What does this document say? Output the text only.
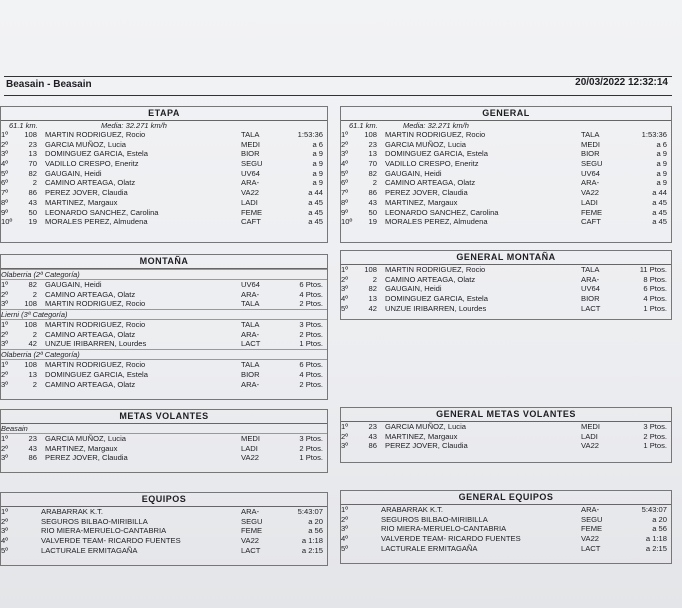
Beasain - Beasain	20/03/2022 12:32:14
ETAPA
61.1 km.	Media: 32.271 km/h
1º	108 MARTIN RODRIGUEZ, Rocio	TALA	1:53:36
2º	23 GARCIA MUÑOZ, Lucia	MEDI	a 6
3º	13 DOMINGUEZ GARCIA, Estela	BIOR	a 9
4º	70 VADILLO CRESPO, Eneritz	SEGU	a 9
5º	82 GAUGAIN, Heidi	UV64	a 9
6º	2 CAMINO ARTEAGA, Olatz	ARA-	a 9
7º	86 PEREZ JOVER, Claudia	VA22	a 44
8º	43 MARTINEZ, Margaux	LADI	a 45
9º	50 LEONARDO SANCHEZ, Carolina	FEME	a 45
10º	19 MORALES PEREZ, Almudena	CAFT	a 45
GENERAL
61.1 km.	Media: 32.271 km/h
1º	108 MARTIN RODRIGUEZ, Rocio	TALA	1:53:36
2º	23 GARCIA MUÑOZ, Lucia	MEDI	a 6
3º	13 DOMINGUEZ GARCIA, Estela	BIOR	a 9
4º	70 VADILLO CRESPO, Eneritz	SEGU	a 9
5º	82 GAUGAIN, Heidi	UV64	a 9
6º	2 CAMINO ARTEAGA, Olatz	ARA-	a 9
7º	86 PEREZ JOVER, Claudia	VA22	a 44
8º	43 MARTINEZ, Margaux	LADI	a 45
9º	50 LEONARDO SANCHEZ, Carolina	FEME	a 45
10º	19 MORALES PEREZ, Almudena	CAFT	a 45
MONTAÑA
Olaberria (2ª Categoría)
1º	82 GAUGAIN, Heidi	UV64	6 Ptos.
2º	2 CAMINO ARTEAGA, Olatz	ARA-	4 Ptos.
3º	108 MARTIN RODRIGUEZ, Rocio	TALA	2 Ptos.
Lierni (3ª Categoría)
1º	108 MARTIN RODRIGUEZ, Rocio	TALA	3 Ptos.
2º	2 CAMINO ARTEAGA, Olatz	ARA-	2 Ptos.
3º	42 UNZUE IRIBARREN, Lourdes	LACT	1 Ptos.
Olaberria (2ª Categoría)
1º	108 MARTIN RODRIGUEZ, Rocio	TALA	6 Ptos.
2º	13 DOMINGUEZ GARCIA, Estela	BIOR	4 Ptos.
3º	2 CAMINO ARTEAGA, Olatz	ARA-	2 Ptos.
GENERAL MONTAÑA
1º	108 MARTIN RODRIGUEZ, Rocio	TALA	11 Ptos.
2º	2 CAMINO ARTEAGA, Olatz	ARA-	8 Ptos.
3º	82 GAUGAIN, Heidi	UV64	6 Ptos.
4º	13 DOMINGUEZ GARCIA, Estela	BIOR	4 Ptos.
5º	42 UNZUE IRIBARREN, Lourdes	LACT	1 Ptos.
METAS VOLANTES
Beasain
1º	23 GARCIA MUÑOZ, Lucia	MEDI	3 Ptos.
2º	43 MARTINEZ, Margaux	LADI	2 Ptos.
3º	86 PEREZ JOVER, Claudia	VA22	1 Ptos.
GENERAL METAS VOLANTES
1º	23 GARCIA MUÑOZ, Lucia	MEDI	3 Ptos.
2º	43 MARTINEZ, Margaux	LADI	2 Ptos.
3º	86 PEREZ JOVER, Claudia	VA22	1 Ptos.
EQUIPOS
1º	ARABARRAK K.T.	ARA-	5:43:07
2º	SEGUROS BILBAO-MIRIBILLA	SEGU	a 20
3º	RIO MIERA-MERUELO-CANTABRIA	FEME	a 56
4º	VALVERDE TEAM- RICARDO FUENTES	VA22	a 1:18
5º	LACTURALE ERMITAGAÑA	LACT	a 2:15
GENERAL EQUIPOS
1º	ARABARRAK K.T.	ARA-	5:43:07
2º	SEGUROS BILBAO-MIRIBILLA	SEGU	a 20
3º	RIO MIERA-MERUELO-CANTABRIA	FEME	a 56
4º	VALVERDE TEAM- RICARDO FUENTES	VA22	a 1:18
5º	LACTURALE ERMITAGAÑA	LACT	a 2:15
